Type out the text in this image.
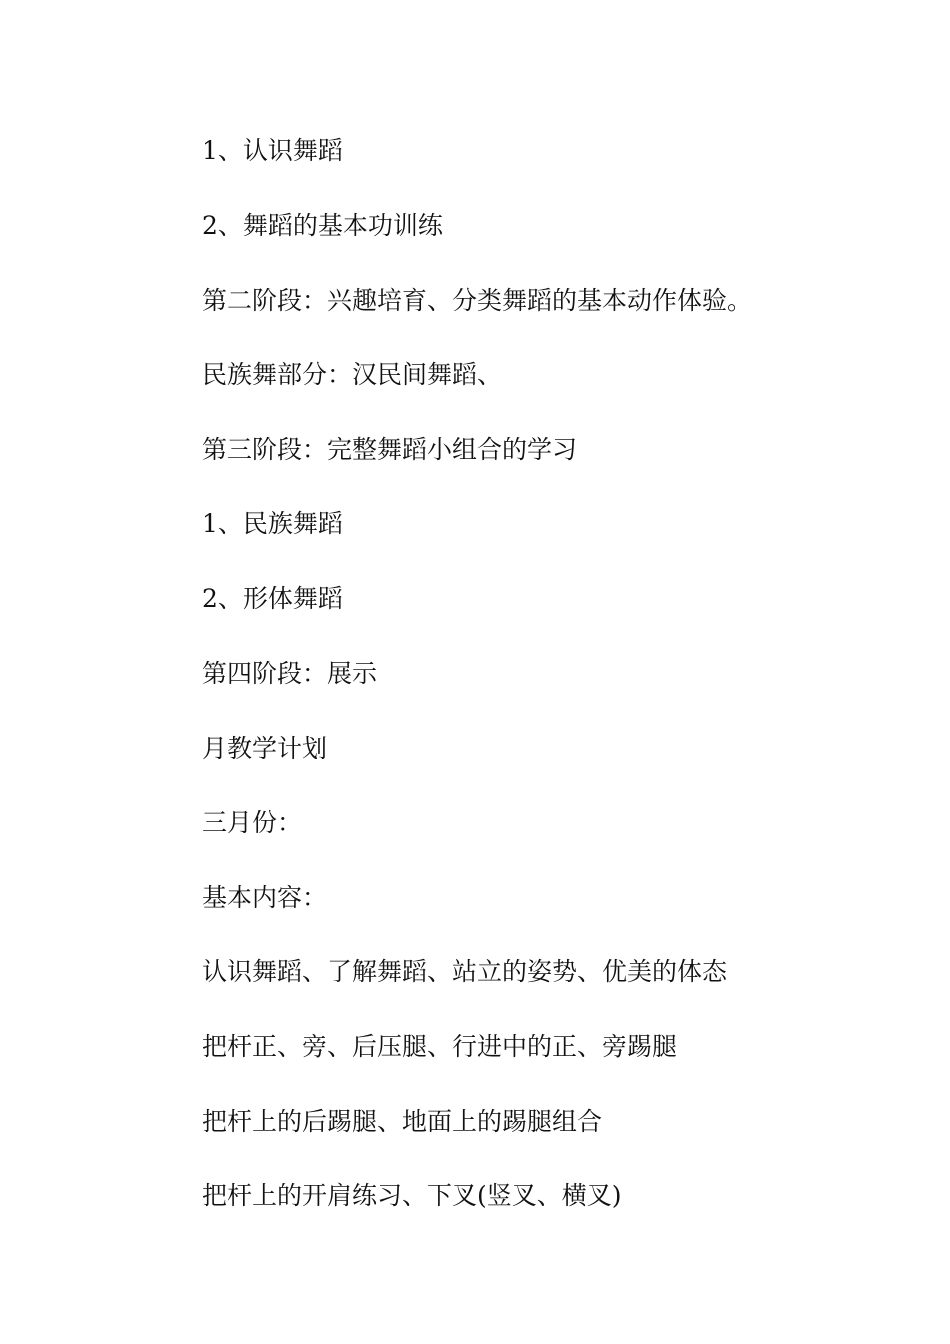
1、认识舞蹈
2、舞蹈的基本功训练
第二阶段：兴趣培育、分类舞蹈的基本动作体验。
民族舞部分：汉民间舞蹈、
第三阶段：完整舞蹈小组合的学习
1、民族舞蹈
2、形体舞蹈
第四阶段：展示
月教学计划
三月份：
基本内容：
认识舞蹈、了解舞蹈、站立的姿势、优美的体态
把杆正、旁、后压腿、行进中的正、旁踢腿
把杆上的后踢腿、地面上的踢腿组合
把杆上的开肩练习、下叉(竖叉、横叉)
